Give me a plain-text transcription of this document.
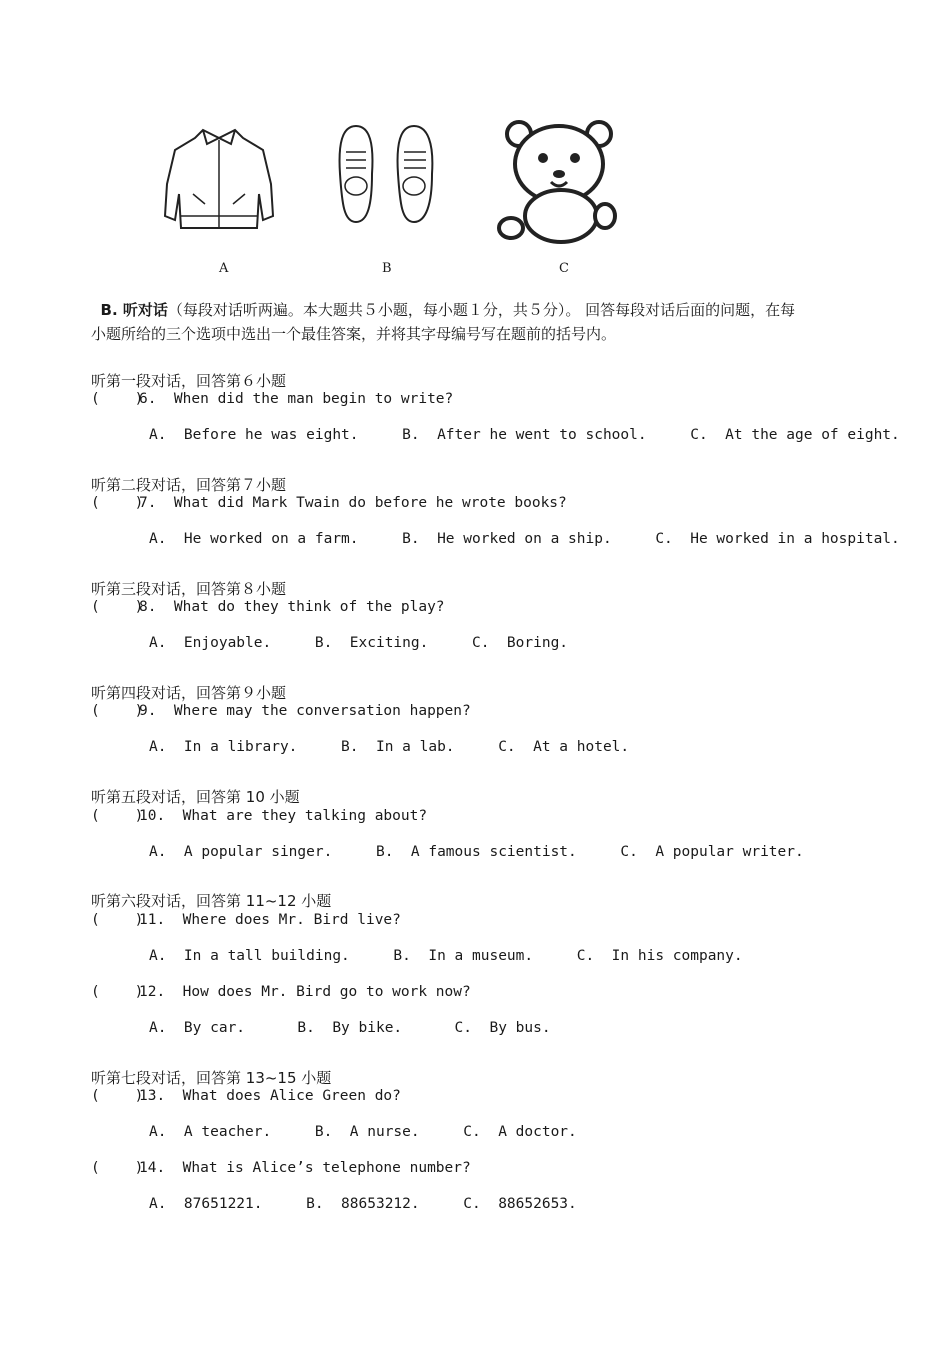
A	B	C

B. 听对话（每段对话听两遍。本大题共５小题，每小题１分，共５分）。 回答每段对话后面的问题，在每

小题所给的三个选项中选出一个最佳答案，并将其字母编号写在题前的括号内。
听第一段对话，回答第６小题
(    )6.  When did the man begin to write?
A.  Before he was eight.     B.  After he went to school.     C.  At the age of eight.
听第二段对话，回答第７小题
(    )7.  What did Mark Twain do before he wrote books?
A.  He worked on a farm.     B.  He worked on a ship.     C.  He worked in a hospital.
听第三段对话，回答第８小题
(    )8.  What do they think of the play?
A.  Enjoyable.     B.  Exciting.     C.  Boring.
听第四段对话，回答第９小题
(    )9.  Where may the conversation happen?
A.  In a library.     B.  In a lab.     C.  At a hotel.
听第五段对话，回答第 10 小题
(    )10.  What are they talking about?
A.  A popular singer.     B.  A famous scientist.     C.  A popular writer.
听第六段对话，回答第 11~12 小题
(    )11.  Where does Mr. Bird live?
A.  In a tall building.     B.  In a museum.     C.  In his company.
(    )12.  How does Mr. Bird go to work now?
A.  By car.      B.  By bike.      C.  By bus.
听第七段对话，回答第 13~15 小题
(    )13.  What does Alice Green do?
A.  A teacher.     B.  A nurse.     C.  A doctor.
(    )14.  What is Alice’s telephone number?
A.  87651221.     B.  88653212.     C.  88652653.
